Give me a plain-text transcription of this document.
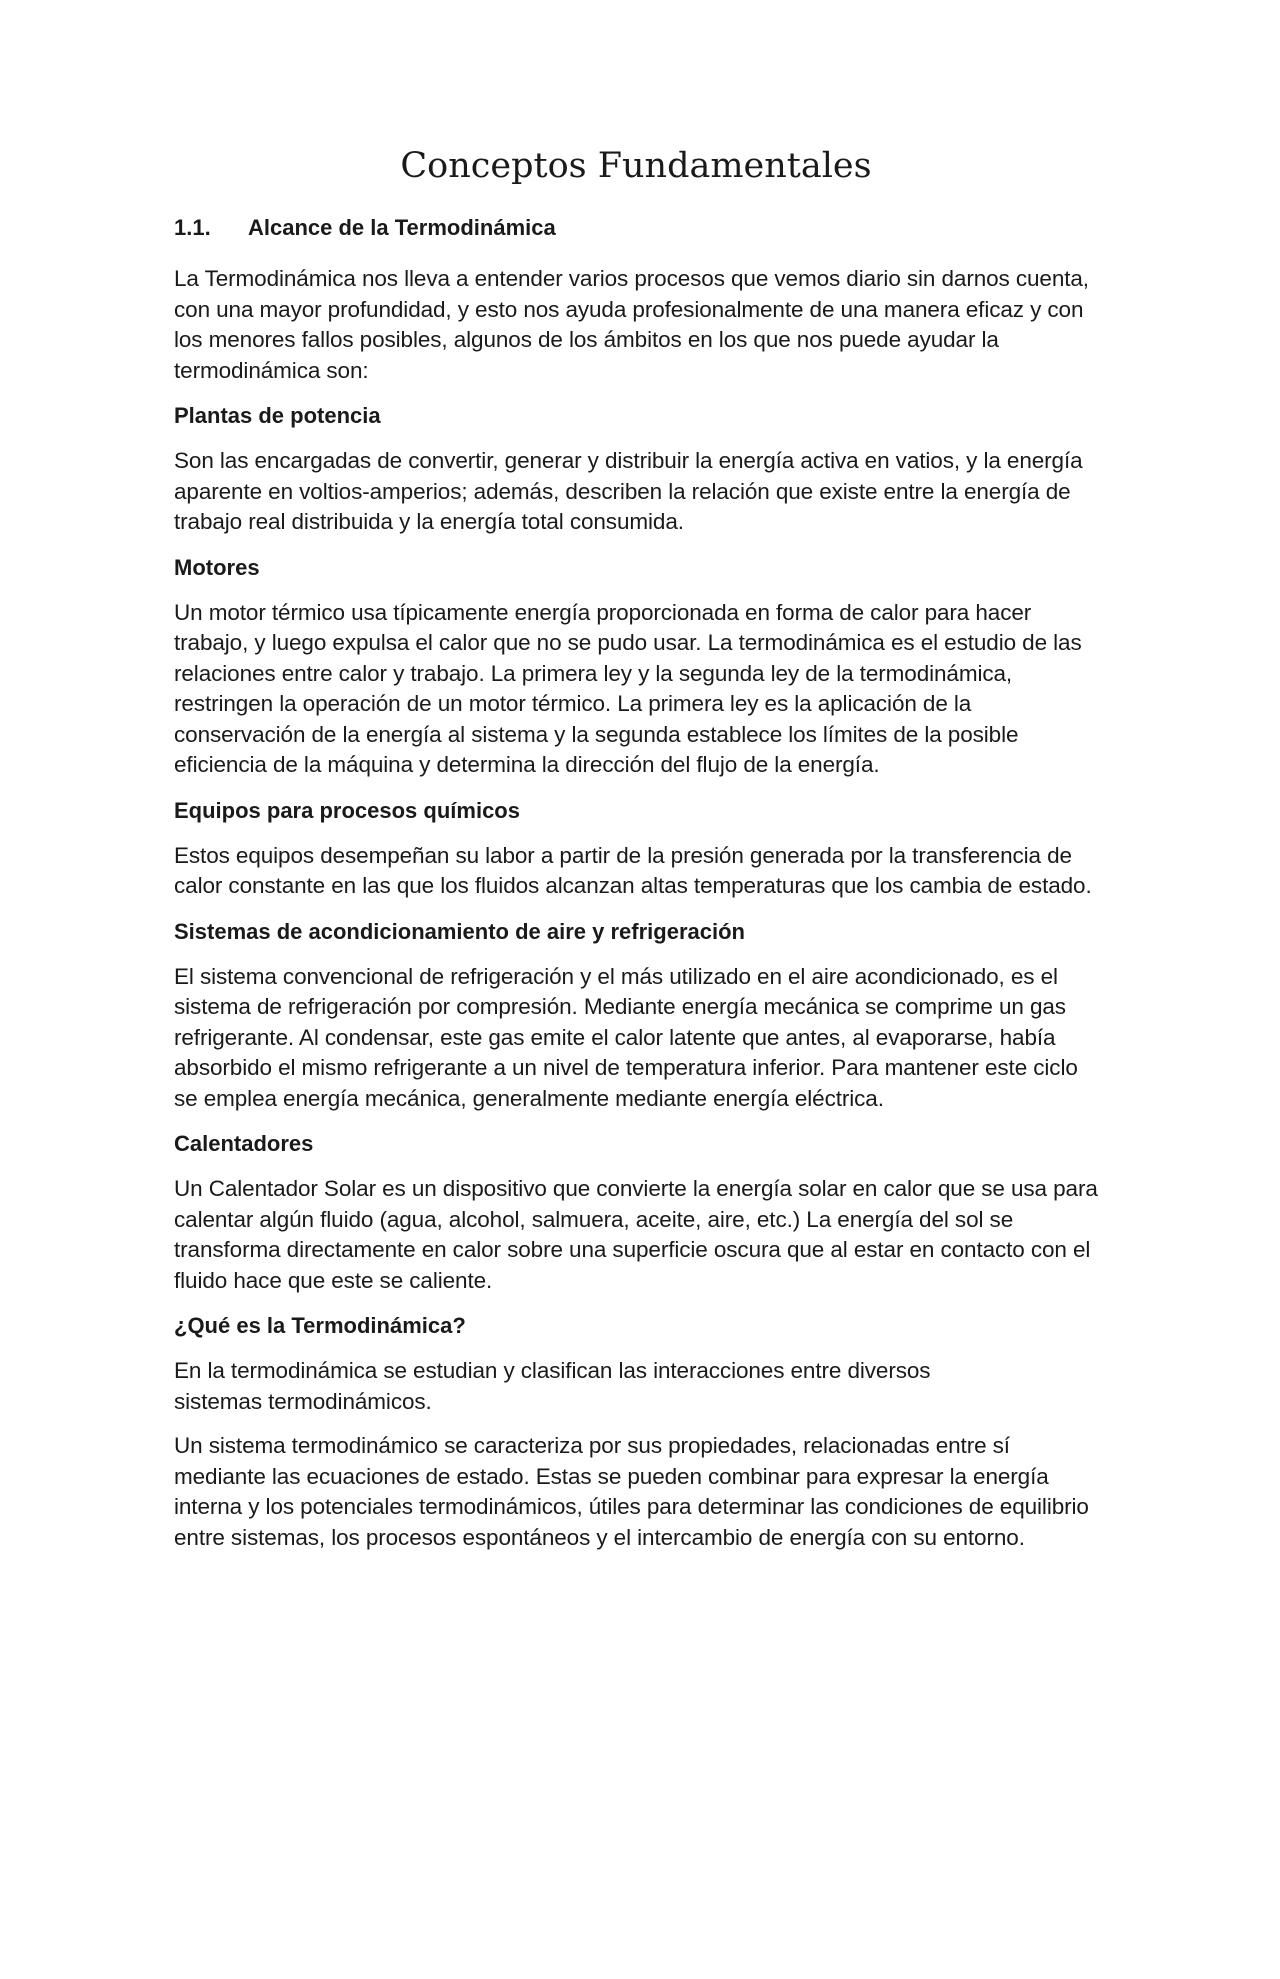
Conceptos Fundamentales
1.1.	Alcance de la Termodinámica

La Termodinámica nos lleva a entender varios procesos que vemos diario sin darnos cuenta, con una mayor profundidad, y esto nos ayuda profesionalmente de una manera eficaz y con los menores fallos posibles, algunos de los ámbitos en los que nos puede ayudar la termodinámica son:

Plantas de potencia

Son las encargadas de convertir, generar y distribuir la energía activa en vatios, y la energía aparente en voltios-amperios; además, describen la relación que existe entre la energía de trabajo real distribuida y la energía total consumida.

Motores

Un motor térmico usa típicamente energía proporcionada en forma de calor para hacer trabajo, y luego expulsa el calor que no se pudo usar. La termodinámica es el estudio de las relaciones entre calor y trabajo. La primera ley y la segunda ley de la termodinámica, restringen la operación de un motor térmico. La primera ley es la aplicación de la conservación de la energía al sistema y la segunda establece los límites de la posible eficiencia de la máquina y determina la dirección del flujo de la energía.

Equipos para procesos químicos

Estos equipos desempeñan su labor a partir de la presión generada por la transferencia de calor constante en las que los fluidos alcanzan altas temperaturas que los cambia de estado.

Sistemas de acondicionamiento de aire y refrigeración

El sistema convencional de refrigeración y el más utilizado en el aire acondicionado, es el sistema de refrigeración por compresión. Mediante energía mecánica se comprime un gas refrigerante. Al condensar, este gas emite el calor latente que antes, al evaporarse, había absorbido el mismo refrigerante a un nivel de temperatura inferior. Para mantener este ciclo se emplea energía mecánica, generalmente mediante energía eléctrica.

Calentadores

Un Calentador Solar es un dispositivo que convierte la energía solar en calor que se usa para calentar algún fluido (agua, alcohol, salmuera, aceite, aire, etc.) La energía del sol se transforma directamente en calor sobre una superficie oscura que al estar en contacto con el fluido hace que este se caliente.

¿Qué es la Termodinámica?

En la termodinámica se estudian y clasifican las interacciones entre diversos sistemas termodinámicos.

Un sistema termodinámico se caracteriza por sus propiedades, relacionadas entre sí mediante las ecuaciones de estado. Estas se pueden combinar para expresar la energía interna y los potenciales termodinámicos, útiles para determinar las condiciones de equilibrio entre sistemas, los procesos espontáneos y el intercambio de energía con su entorno.
